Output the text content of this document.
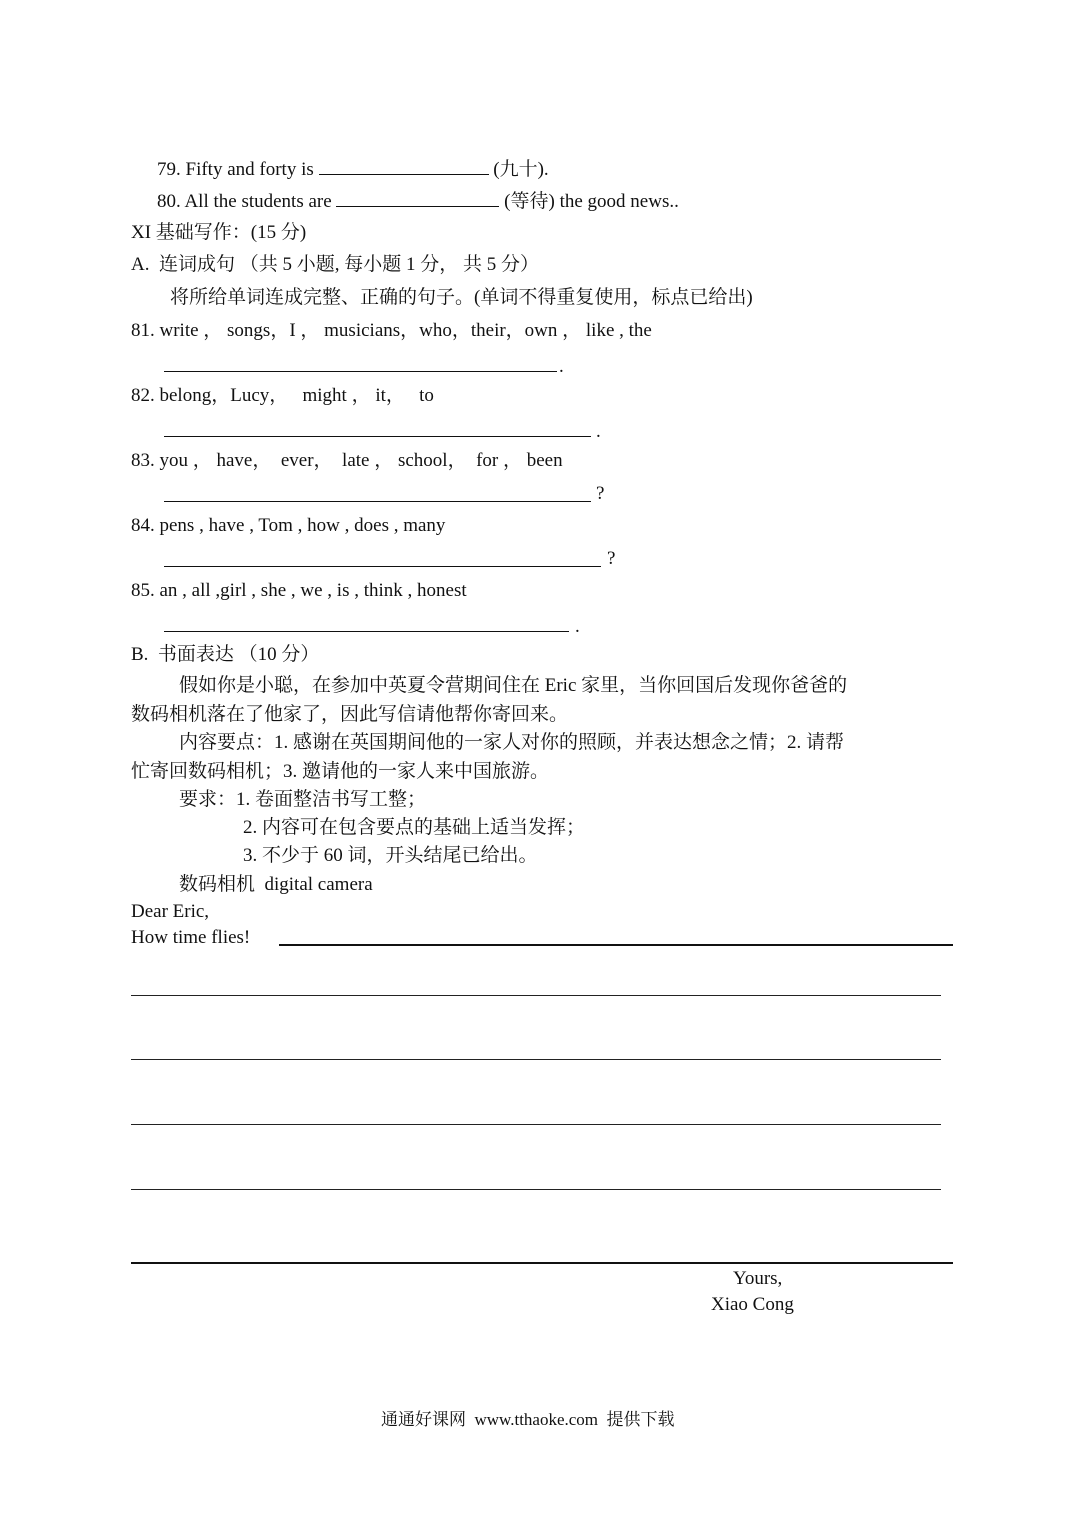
79. Fifty and forty is	(九十).
80. All the students are	(等待) the good news..
XI 基础写作：(15 分)
A.  连词成句 （共 5 小题, 每小题 1 分， 共 5 分）
将所给单词连成完整、正确的句子。(单词不得重复使用，标点已给出)
81. write ， songs，I ， musicians，who，their，own ， like , the
.
82. belong，Lucy，   might ， it，   to
.
83. you ， have，  ever，  late ， school，  for ， been
?
84. pens , have , Tom , how , does , many
?
85. an , all ,girl , she , we , is , think , honest
.
B.  书面表达 （10 分）
假如你是小聪，在参加中英夏令营期间住在 Eric 家里，当你回国后发现你爸爸的
数码相机落在了他家了，因此写信请他帮你寄回来。
内容要点：1. 感谢在英国期间他的一家人对你的照顾，并表达想念之情；2. 请帮
忙寄回数码相机；3. 邀请他的一家人来中国旅游。
要求：1. 卷面整洁书写工整；
2. 内容可在包含要点的基础上适当发挥；
3. 不少于 60 词，开头结尾已给出。
数码相机  digital camera
Dear Eric,
How time flies!
Yours,
Xiao Cong
通通好课网  www.tthaoke.com  提供下载
